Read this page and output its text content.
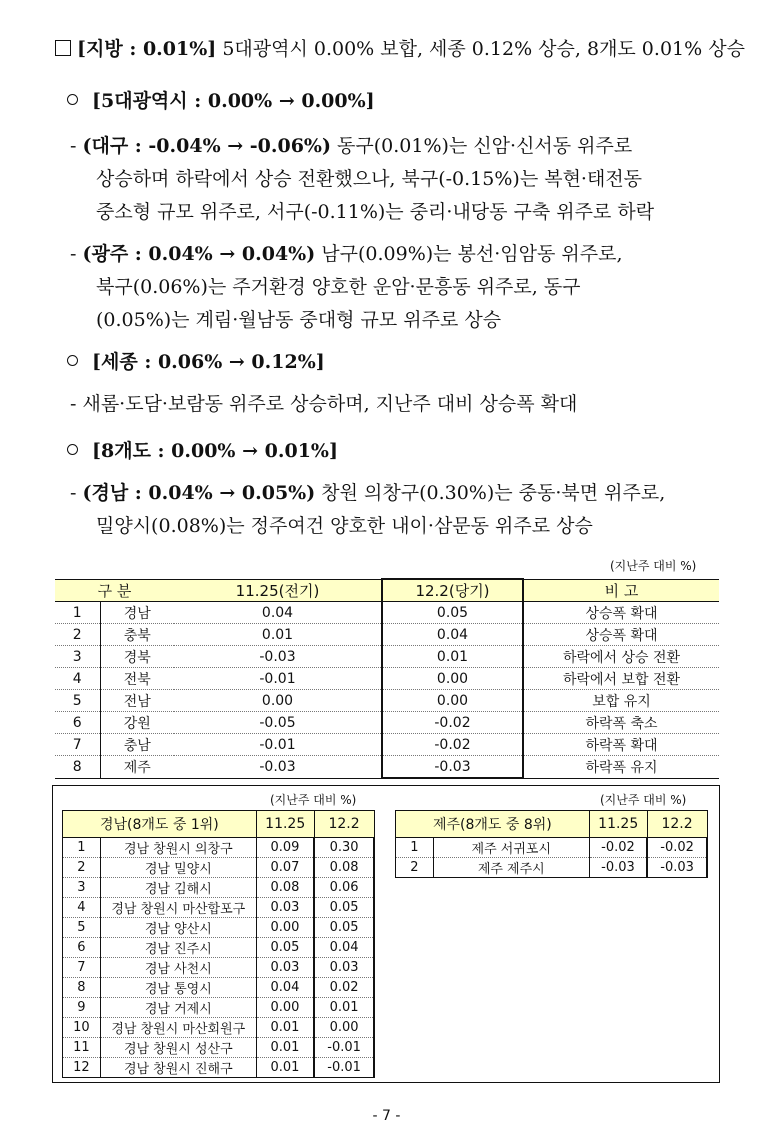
[지방 : 0.01%] 5대광역시 0.00% 보합, 세종 0.12% 상승, 8개도 0.01% 상승
[5대광역시 : 0.00% → 0.00%]
- (대구 : -0.04% → -0.06%) 동구(0.01%)는 신암·신서동 위주로
상승하며 하락에서 상승 전환했으나, 북구(-0.15%)는 복현·태전동
중소형 규모 위주로, 서구(-0.11%)는 중리·내당동 구축 위주로 하락
- (광주 : 0.04% → 0.04%) 남구(0.09%)는 봉선·임암동 위주로,
북구(0.06%)는 주거환경 양호한 운암·문흥동 위주로, 동구
(0.05%)는 계림·월남동 중대형 규모 위주로 상승
[세종 : 0.06% → 0.12%]
- 새롬·도담·보람동 위주로 상승하며, 지난주 대비 상승폭 확대
[8개도 : 0.00% → 0.01%]
- (경남 : 0.04% → 0.05%) 창원 의창구(0.30%)는 중동·북면 위주로,
밀양시(0.08%)는 정주여건 양호한 내이·삼문동 위주로 상승
(지난주 대비 %)
구 분		11.25(전기)	12.2(당기)	비 고
1	경남	0.04	0.05	상승폭 확대
2	충북	0.01	0.04	상승폭 확대
3	경북	-0.03	0.01	하락에서 상승 전환
4	전북	-0.01	0.00	하락에서 보합 전환
5	전남	0.00	0.00	보합 유지
6	강원	-0.05	-0.02	하락폭 축소
7	충남	-0.01	-0.02	하락폭 확대
8	제주	-0.03	-0.03	하락폭 유지
(지난주 대비 %)
경남(8개도 중 1위)		11.25	12.2
1	경남 창원시 의창구	0.09	0.30
2	경남 밀양시	0.07	0.08
3	경남 김해시	0.08	0.06
4	경남 창원시 마산합포구	0.03	0.05
5	경남 양산시	0.00	0.05
6	경남 진주시	0.05	0.04
7	경남 사천시	0.03	0.03
8	경남 통영시	0.04	0.02
9	경남 거제시	0.00	0.01
10	경남 창원시 마산회원구	0.01	0.00
11	경남 창원시 성산구	0.01	-0.01
12	경남 창원시 진해구	0.01	-0.01
(지난주 대비 %)
제주(8개도 중 8위)		11.25	12.2
1	제주 서귀포시	-0.02	-0.02
2	제주 제주시	-0.03	-0.03
- 7 -
